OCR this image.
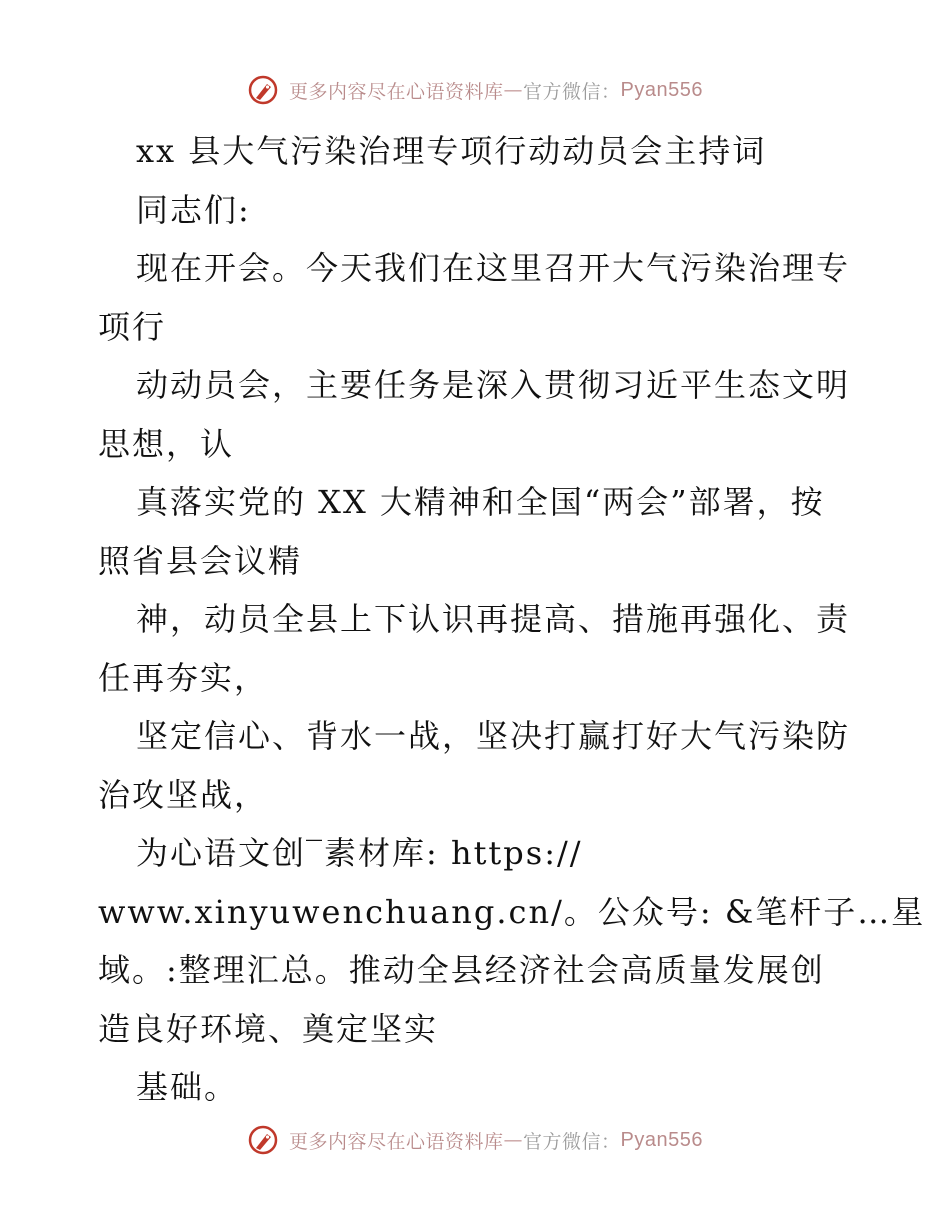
更多内容尽在心语资料库 — 官方微信： Pyan556
xx 县大气污染治理专项行动动员会主持词
同志们:
现在开会。今天我们在这里召开大气污染治理专
项行
动动员会，主要任务是深入贯彻习近平生态文明
思想，认
真落实党的 XX 大精神和全国“两会”部署，按
照省县会议精
神，动员全县上下认识再提高、措施再强化、责
任再夯实，
坚定信心、背水一战，坚决打赢打好大气污染防
治攻坚战，
为心语文创‾素材库: https://
www.xinyuwenchuang.cn/。公众号: &笔杆子…星
域。:整理汇总。推动全县经济社会高质量发展创
造良好环境、奠定坚实
基础。
更多内容尽在心语资料库 — 官方微信： Pyan556
